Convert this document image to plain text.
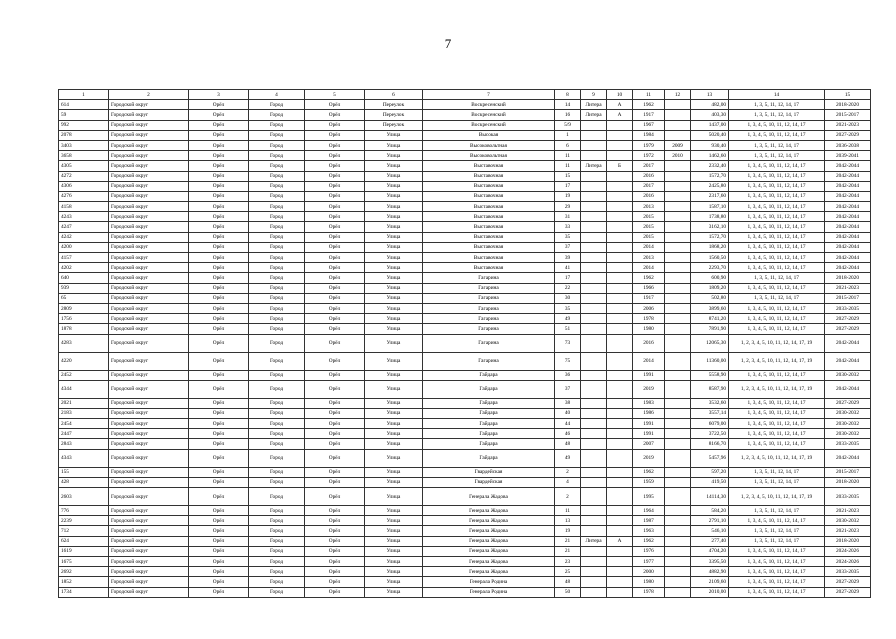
7
1	2	3	4	5	6	7	8	9	10	11	12	13	14	15
614	Городской округ	Орёл	Город	Орёл	Переулок	Воскресенский	14	Литера	А	1962		482,00	1, 3, 5, 11, 12, 14, 17	2018-2020
59	Городской округ	Орёл	Город	Орёл	Переулок	Воскресенский	16	Литера	А	1917		403,30	1, 3, 5, 11, 12, 14, 17	2015-2017
992	Городской округ	Орёл	Город	Орёл	Переулок	Воскресенский	5/9			1967		1437,00	1, 3, 4, 5, 10, 11, 12, 14, 17	2021-2023
2078	Городской округ	Орёл	Город	Орёл	Улица	Высокая	1			1984		5020,40	1, 3, 4, 5, 10, 11, 12, 14, 17	2027-2029
3403	Городской округ	Орёл	Город	Орёл	Улица	Высоковольтная	6			1979	2009	930,40	1, 3, 5, 11, 12, 14, 17	2036-2038
3658	Городской округ	Орёл	Город	Орёл	Улица	Высоковольтная	11			1972	2010	1462,60	1, 3, 5, 11, 12, 14, 17	2039-2041
4305	Городской округ	Орёл	Город	Орёл	Улица	Выставочная	11	Литера	Б	2017		2332,40	1, 3, 4, 5, 10, 11, 12, 14, 17	2042-2044
4272	Городской округ	Орёл	Город	Орёл	Улица	Выставочная	15			2016		1572,70	1, 3, 4, 5, 10, 11, 12, 14, 17	2042-2044
4306	Городской округ	Орёл	Город	Орёл	Улица	Выставочная	17			2017		2425,80	1, 3, 4, 5, 10, 11, 12, 14, 17	2042-2044
4276	Городской округ	Орёл	Город	Орёл	Улица	Выставочная	19			2016		2317,60	1, 3, 4, 5, 10, 11, 12, 14, 17	2042-2044
4158	Городской округ	Орёл	Город	Орёл	Улица	Выставочная	29			2013		1587,10	1, 3, 4, 5, 10, 11, 12, 14, 17	2042-2044
4243	Городской округ	Орёл	Город	Орёл	Улица	Выставочная	31			2015		1738,80	1, 3, 4, 5, 10, 11, 12, 14, 17	2042-2044
4247	Городской округ	Орёл	Город	Орёл	Улица	Выставочная	33			2015		3162,10	1, 3, 4, 5, 10, 11, 12, 14, 17	2042-2044
4242	Городской округ	Орёл	Город	Орёл	Улица	Выставочная	35			2015		1572,70	1, 3, 4, 5, 10, 11, 12, 14, 17	2042-2044
4200	Городской округ	Орёл	Город	Орёл	Улица	Выставочная	37			2014		1868,20	1, 3, 4, 5, 10, 11, 12, 14, 17	2042-2044
4157	Городской округ	Орёл	Город	Орёл	Улица	Выставочная	39			2013		1560,50	1, 3, 4, 5, 10, 11, 12, 14, 17	2042-2044
4202	Городской округ	Орёл	Город	Орёл	Улица	Выставочная	41			2014		2293,70	1, 3, 4, 5, 10, 11, 12, 14, 17	2042-2044
640	Городской округ	Орёл	Город	Орёл	Улица	Гагарина	17			1962		600,90	1, 3, 5, 11, 12, 14, 17	2018-2020
939	Городской округ	Орёл	Город	Орёл	Улица	Гагарина	22			1966		1809,20	1, 3, 4, 5, 10, 11, 12, 14, 17	2021-2023
65	Городской округ	Орёл	Город	Орёл	Улица	Гагарина	30			1917		502,80	1, 3, 5, 11, 12, 14, 17	2015-2017
2809	Городской округ	Орёл	Город	Орёл	Улица	Гагарина	35			2006		3899,60	1, 3, 4, 5, 10, 11, 12, 14, 17	2033-2035
1756	Городской округ	Орёл	Город	Орёл	Улица	Гагарина	49			1978		8741,20	1, 3, 4, 5, 10, 11, 12, 14, 17	2027-2029
1878	Городской округ	Орёл	Город	Орёл	Улица	Гагарина	51			1980		7891,90	1, 3, 4, 5, 10, 11, 12, 14, 17	2027-2029
4283	Городской округ	Орёл	Город	Орёл	Улица	Гагарина	73			2016		12065,30	1, 2, 3, 4, 5, 10, 11, 12, 14, 17, 19	2042-2044
4220	Городской округ	Орёл	Город	Орёл	Улица	Гагарина	75			2014		11360,00	1, 2, 3, 4, 5, 10, 11, 12, 14, 17, 19	2042-2044
2452	Городской округ	Орёл	Город	Орёл	Улица	Гайдара	36			1991		5558,90	1, 3, 4, 5, 10, 11, 12, 14, 17	2030-2032
4344	Городской округ	Орёл	Город	Орёл	Улица	Гайдара	37			2019		8587,90	1, 2, 3, 4, 5, 10, 11, 12, 14, 17, 19	2042-2044
2021	Городской округ	Орёл	Город	Орёл	Улица	Гайдара	38			1983		3532,60	1, 3, 4, 5, 10, 11, 12, 14, 17	2027-2029
2183	Городской округ	Орёл	Город	Орёл	Улица	Гайдара	40			1986		3557,14	1, 3, 4, 5, 10, 11, 12, 14, 17	2030-2032
2454	Городской округ	Орёл	Город	Орёл	Улица	Гайдара	44			1991		6079,00	1, 3, 4, 5, 10, 11, 12, 14, 17	2030-2032
2447	Городской округ	Орёл	Город	Орёл	Улица	Гайдара	46			1991		3722,50	1, 3, 4, 5, 10, 11, 12, 14, 17	2030-2032
2843	Городской округ	Орёл	Город	Орёл	Улица	Гайдара	48			2007		8166,70	1, 3, 4, 5, 10, 11, 12, 14, 17	2033-2035
4343	Городской округ	Орёл	Город	Орёл	Улица	Гайдара	49			2019		5457,96	1, 2, 3, 4, 5, 10, 11, 12, 14, 17, 19	2042-2044
155	Городской округ	Орёл	Город	Орёл	Улица	Гвардейская	2			1962		597,20	1, 3, 5, 11, 12, 14, 17	2015-2017
428	Городской округ	Орёл	Город	Орёл	Улица	Гвардейская	4			1959		419,50	1, 3, 5, 11, 12, 14, 17	2018-2020
2603	Городской округ	Орёл	Город	Орёл	Улица	Генерала Жадова	2			1995		14114,30	1, 2, 3, 4, 5, 10, 11, 12, 14, 17, 19	2033-2035
776	Городской округ	Орёл	Город	Орёл	Улица	Генерала Жадова	11			1964		584,20	1, 3, 5, 11, 12, 14, 17	2021-2023
2239	Городской округ	Орёл	Город	Орёл	Улица	Генерала Жадова	13			1987		2791,10	1, 3, 4, 5, 10, 11, 12, 14, 17	2030-2032
712	Городской округ	Орёл	Город	Орёл	Улица	Генерала Жадова	19			1963		546,10	1, 3, 5, 11, 12, 14, 17	2021-2023
624	Городской округ	Орёл	Город	Орёл	Улица	Генерала Жадова	21	Литера	А	1962		277,40	1, 3, 5, 11, 12, 14, 17	2018-2020
1619	Городской округ	Орёл	Город	Орёл	Улица	Генерала Жадова	21			1976		4704,20	1, 3, 4, 5, 10, 11, 12, 14, 17	2024-2026
1675	Городской округ	Орёл	Город	Орёл	Улица	Генерала Жадова	23			1977		3395,50	1, 3, 4, 5, 10, 11, 12, 14, 17	2024-2026
2692	Городской округ	Орёл	Город	Орёл	Улица	Генерала Жадова	25			2000		4882,90	1, 3, 4, 5, 10, 11, 12, 14, 17	2033-2035
1852	Городской округ	Орёл	Город	Орёл	Улица	Генерала Родина	48			1980		2109,60	1, 3, 4, 5, 10, 11, 12, 14, 17	2027-2029
1734	Городской округ	Орёл	Город	Орёл	Улица	Генерала Родина	50			1978		2010,00	1, 3, 4, 5, 10, 11, 12, 14, 17	2027-2029
